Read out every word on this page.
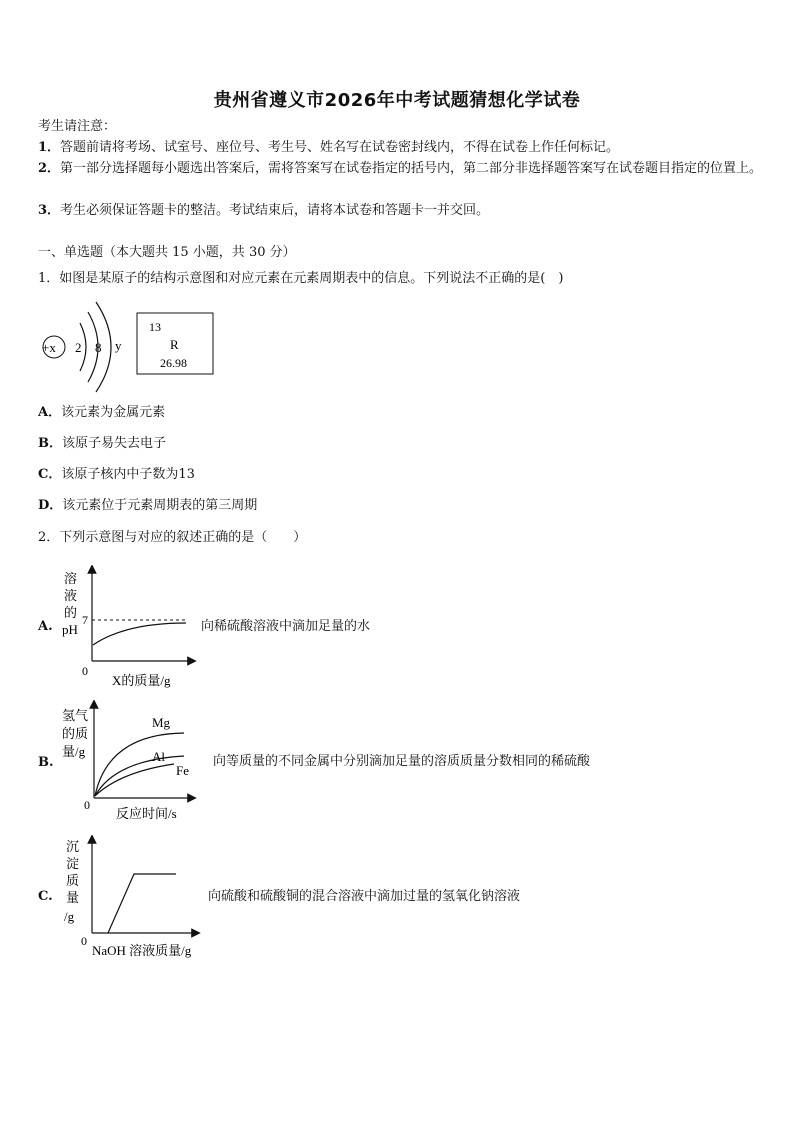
贵州省遵义市2026年中考试题猜想化学试卷
考生请注意：
1．答题前请将考场、试室号、座位号、考生号、姓名写在试卷密封线内，不得在试卷上作任何标记。
2．第一部分选择题每小题选出答案后，需将答案写在试卷指定的括号内，第二部分非选择题答案写在试卷题目指定的位置上。
3．考生必须保证答题卡的整洁。考试结束后，请将本试卷和答题卡一并交回。
一、单选题（本大题共 15 小题，共 30 分）
1．如图是某原子的结构示意图和对应元素在元素周期表中的信息。下列说法不正确的是(　)
+x 2 8 y
13
R
26.98
A．该元素为金属元素
B．该原子易失去电子
C．该原子核内中子数为13
D．该元素位于元素周期表的第三周期
2．下列示意图与对应的叙述正确的是（　　）
A.
溶
液
的
pH
7
0
X的质量/g
向稀硫酸溶液中滴加足量的水
B.
氢气
的质
量/g
Mg
Al
Fe
0
反应时间/s
向等质量的不同金属中分别滴加足量的溶质质量分数相同的稀硫酸
C.
沉
淀
质
量
/g
0
NaOH 溶液质量/g
向硫酸和硫酸铜的混合溶液中滴加过量的氢氧化钠溶液
